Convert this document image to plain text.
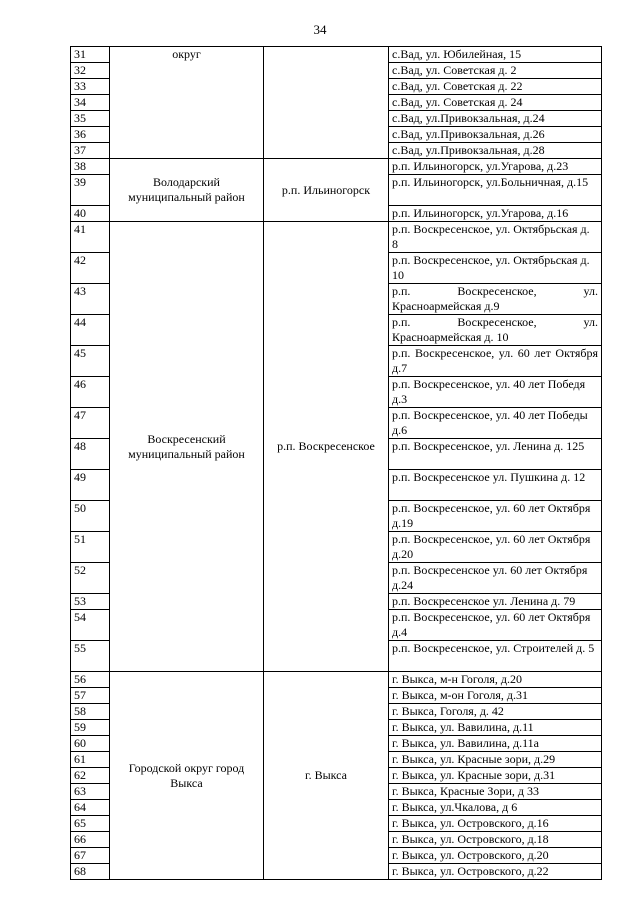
34
31	округ		с.Вад, ул. Юбилейная, 15
32			с.Вад, ул. Советская д. 2
33			с.Вад, ул. Советская д. 22
34			с.Вад, ул. Советская д. 24
35			с.Вад, ул.Привокзальная, д.24
36			с.Вад, ул.Привокзальная, д.26
37			с.Вад, ул.Привокзальная, д.28
38	Володарский муниципальный район	р.п. Ильиногорск	р.п. Ильиногорск, ул.Угарова, д.23
39			р.п. Ильиногорск, ул.Больничная, д.15
40			р.п. Ильиногорск, ул.Угарова, д.16
41	Воскресенский муниципальный район	р.п. Воскресенское	р.п. Воскресенское, ул. Октябрьская д. 8
42			р.п. Воскресенское, ул. Октябрьская д. 10
43			р.п. Воскресенское, ул. Красноармейская д.9
44			р.п. Воскресенское, ул. Красноармейская д. 10
45			р.п. Воскресенское, ул. 60 лет Октября д.7
46			р.п. Воскресенское, ул. 40 лет Победя д.3
47			р.п. Воскресенское, ул. 40 лет Победы д.6
48			р.п. Воскресенское, ул. Ленина д. 125
49			р.п. Воскресенское ул. Пушкина д. 12
50			р.п. Воскресенское, ул. 60 лет Октября д.19
51			р.п. Воскресенское, ул. 60 лет Октября д.20
52			р.п. Воскресенское ул. 60 лет Октября д.24
53			р.п. Воскресенское ул. Ленина д. 79
54			р.п. Воскресенское, ул. 60 лет Октября д.4
55			р.п. Воскресенское, ул. Строителей д. 5
56	Городской округ город Выкса	г. Выкса	г. Выкса, м-н Гоголя, д.20
57			г. Выкса, м-он Гоголя, д.31
58			г. Выкса, Гоголя, д. 42
59			г. Выкса, ул. Вавилина, д.11
60			г. Выкса, ул. Вавилина, д.11а
61			г. Выкса, ул. Красные зори, д.29
62			г. Выкса, ул. Красные зори, д.31
63			г. Выкса, Красные Зори, д 33
64			г. Выкса, ул.Чкалова, д 6
65			г. Выкса, ул. Островского, д.16
66			г. Выкса, ул. Островского, д.18
67			г. Выкса, ул. Островского, д.20
68			г. Выкса, ул. Островского, д.22
